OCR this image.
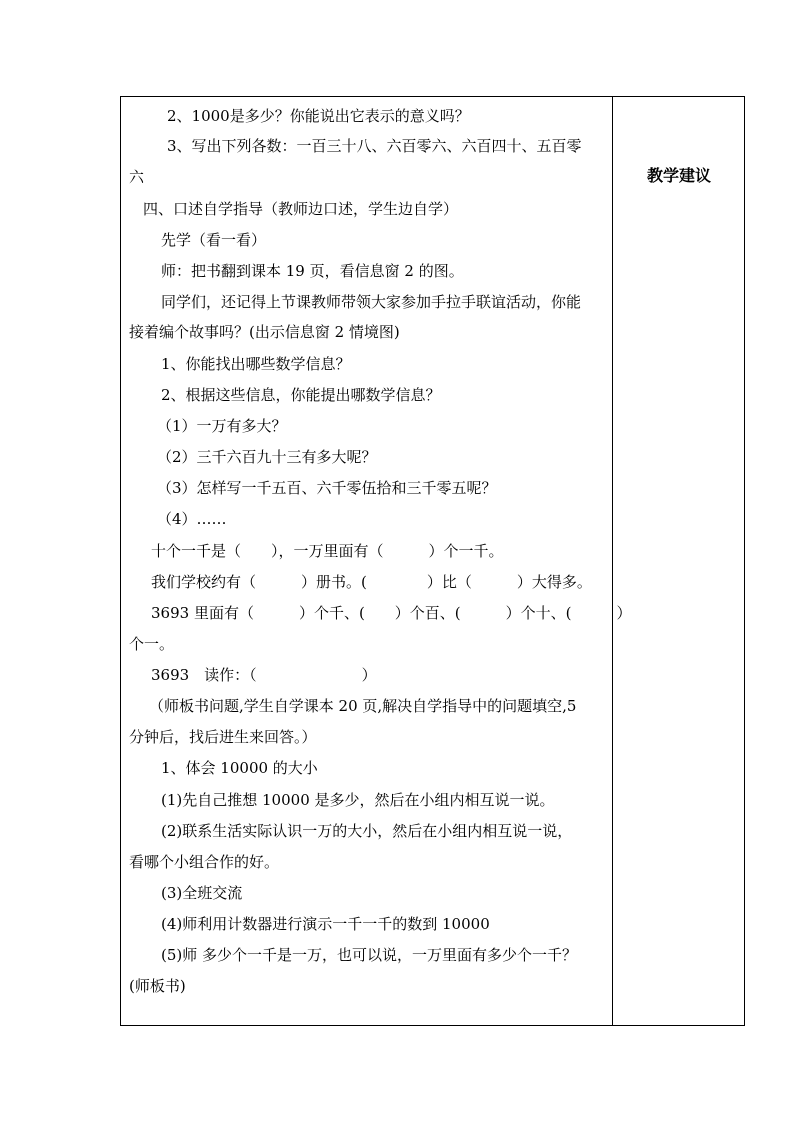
2、1000是多少？你能说出它表示的意义吗？
3、写出下列各数：一百三十八、六百零六、六百四十、五百零
六
四、口述自学指导（教师边口述，学生边自学）
先学（看一看）
师：把书翻到课本 19 页，看信息窗 2 的图。
同学们，还记得上节课教师带领大家参加手拉手联谊活动，你能
接着编个故事吗？(出示信息窗 2 情境图)
1、你能找出哪些数学信息？
2、根据这些信息，你能提出哪数学信息？
（1）一万有多大？
（2）三千六百九十三有多大呢？
（3）怎样写一千五百、六千零伍拾和三千零五呢？
（4）……
十个一千是（　　），一万里面有（　　　）个一千。
我们学校约有（　　　）册书。(　　　　）比（　　　）大得多。
3693 里面有（　　　）个千、(　　）个百、(　　　）个十、(　　　）
个一。
3693　读作：（　　　　　　　）
（师板书问题,学生自学课本 20 页,解决自学指导中的问题填空,5
分钟后，找后进生来回答。）
1、体会 10000 的大小
(1)先自己推想 10000 是多少，然后在小组内相互说一说。
(2)联系生活实际认识一万的大小，然后在小组内相互说一说，
看哪个小组合作的好。
(3)全班交流
(4)师利用计数器进行演示一千一千的数到 10000
(5)师 多少个一千是一万，也可以说，一万里面有多少个一千？
(师板书)
教学建议
